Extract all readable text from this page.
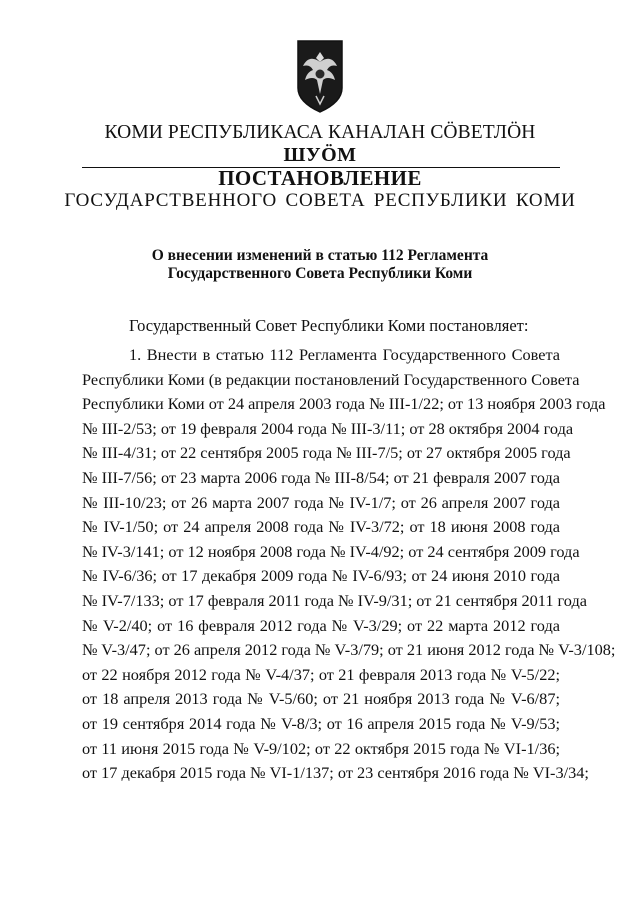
КОМИ РЕСПУБЛИКАСА КАНАЛАН СÖВЕТЛÖН
ШУÖМ
ПОСТАНОВЛЕНИЕ
ГОСУДАРСТВЕННОГО СОВЕТА РЕСПУБЛИКИ КОМИ
О внесении изменений в статью 112 Регламента
Государственного Совета Республики Коми
Государственный Совет Республики Коми постановляет:
1. Внести в статью 112 Регламента Государственного Совета
Республики Коми (в редакции постановлений Государственного Совета
Республики Коми от 24 апреля 2003 года № III-1/22; от 13 ноября 2003 года
№ III-2/53; от 19 февраля 2004 года № III-3/11; от 28 октября 2004 года
№ III-4/31; от 22 сентября 2005 года № III-7/5; от 27 октября 2005 года
№ III-7/56; от 23 марта 2006 года № III-8/54; от 21 февраля 2007 года
№ III-10/23; от 26 марта 2007 года № IV-1/7; от 26 апреля 2007 года
№ IV-1/50; от 24 апреля 2008 года № IV-3/72; от 18 июня 2008 года
№ IV-3/141; от 12 ноября 2008 года № IV-4/92; от 24 сентября 2009 года
№ IV-6/36; от 17 декабря 2009 года № IV-6/93; от 24 июня 2010 года
№ IV-7/133; от 17 февраля 2011 года № IV-9/31; от 21 сентября 2011 года
№ V-2/40; от 16 февраля 2012 года № V-3/29; от 22 марта 2012 года
№ V-3/47; от 26 апреля 2012 года № V-3/79; от 21 июня 2012 года № V-3/108;
от 22 ноября 2012 года № V-4/37; от 21 февраля 2013 года № V-5/22;
от 18 апреля 2013 года № V-5/60; от 21 ноября 2013 года № V-6/87;
от 19 сентября 2014 года № V-8/3; от 16 апреля 2015 года № V-9/53;
от 11 июня 2015 года № V-9/102; от 22 октября 2015 года № VI-1/36;
от 17 декабря 2015 года № VI-1/137; от 23 сентября 2016 года № VI-3/34;
